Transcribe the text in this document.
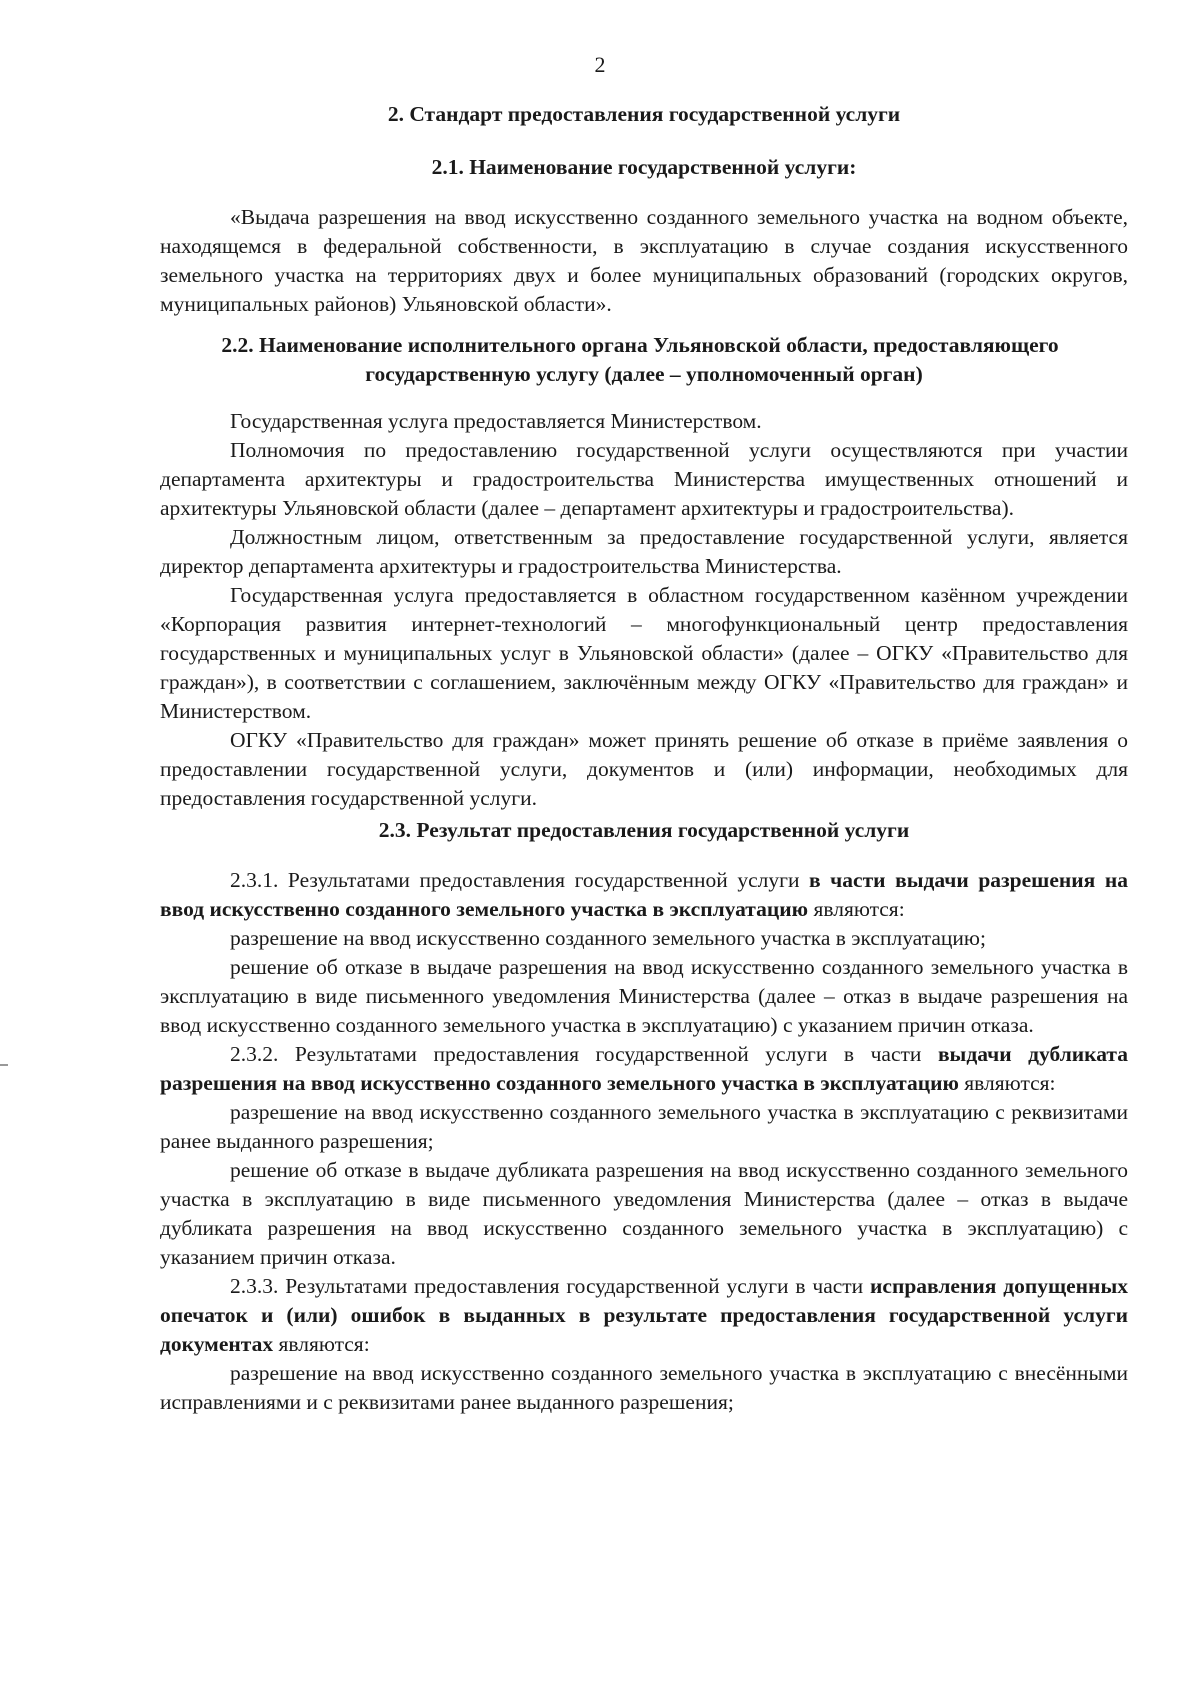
2
2. Стандарт предоставления государственной услуги
2.1. Наименование государственной услуги:

«Выдача разрешения на ввод искусственно созданного земельного участка на водном объекте, находящемся в федеральной собственности, в эксплуатацию в случае создания искусственного земельного участка на территориях двух и более муниципальных образований (городских округов, муниципальных районов) Ульяновской области».

2.2. Наименование исполнительного органа Ульяновской области, предоставляющего
государственную услугу (далее – уполномоченный орган)

Государственная услуга предоставляется Министерством.

Полномочия по предоставлению государственной услуги осуществляются при участии департамента архитектуры и градостроительства Министерства имущественных отношений и архитектуры Ульяновской области (далее – департамент архитектуры и градостроительства).

Должностным лицом, ответственным за предоставление государственной услуги, является директор департамента архитектуры и градостроительства Министерства.

Государственная услуга предоставляется в областном государственном казённом учреждении «Корпорация развития интернет-технологий – многофункциональный центр предоставления государственных и муниципальных услуг в Ульяновской области» (далее – ОГКУ «Правительство для граждан»), в соответствии с соглашением, заключённым между ОГКУ «Правительство для граждан» и Министерством.

ОГКУ «Правительство для граждан» может принять решение об отказе в приёме заявления о предоставлении государственной услуги, документов и (или) информации, необходимых для предоставления государственной услуги.

2.3. Результат предоставления государственной услуги

2.3.1. Результатами предоставления государственной услуги в части выдачи разрешения на ввод искусственно созданного земельного участка в эксплуатацию являются:

разрешение на ввод искусственно созданного земельного участка в эксплуатацию;

решение об отказе в выдаче разрешения на ввод искусственно созданного земельного участка в эксплуатацию в виде письменного уведомления Министерства (далее – отказ в выдаче разрешения на ввод искусственно созданного земельного участка в эксплуатацию) с указанием причин отказа.

2.3.2. Результатами предоставления государственной услуги в части выдачи дубликата разрешения на ввод искусственно созданного земельного участка в эксплуатацию являются:

разрешение на ввод искусственно созданного земельного участка в эксплуатацию с реквизитами ранее выданного разрешения;

решение об отказе в выдаче дубликата разрешения на ввод искусственно созданного земельного участка в эксплуатацию в виде письменного уведомления Министерства (далее – отказ в выдаче дубликата разрешения на ввод искусственно созданного земельного участка в эксплуатацию) с указанием причин отказа.

2.3.3. Результатами предоставления государственной услуги в части исправления допущенных опечаток и (или) ошибок в выданных в результате предоставления государственной услуги документах являются:

разрешение на ввод искусственно созданного земельного участка в эксплуатацию с внесёнными исправлениями и с реквизитами ранее выданного разрешения;
